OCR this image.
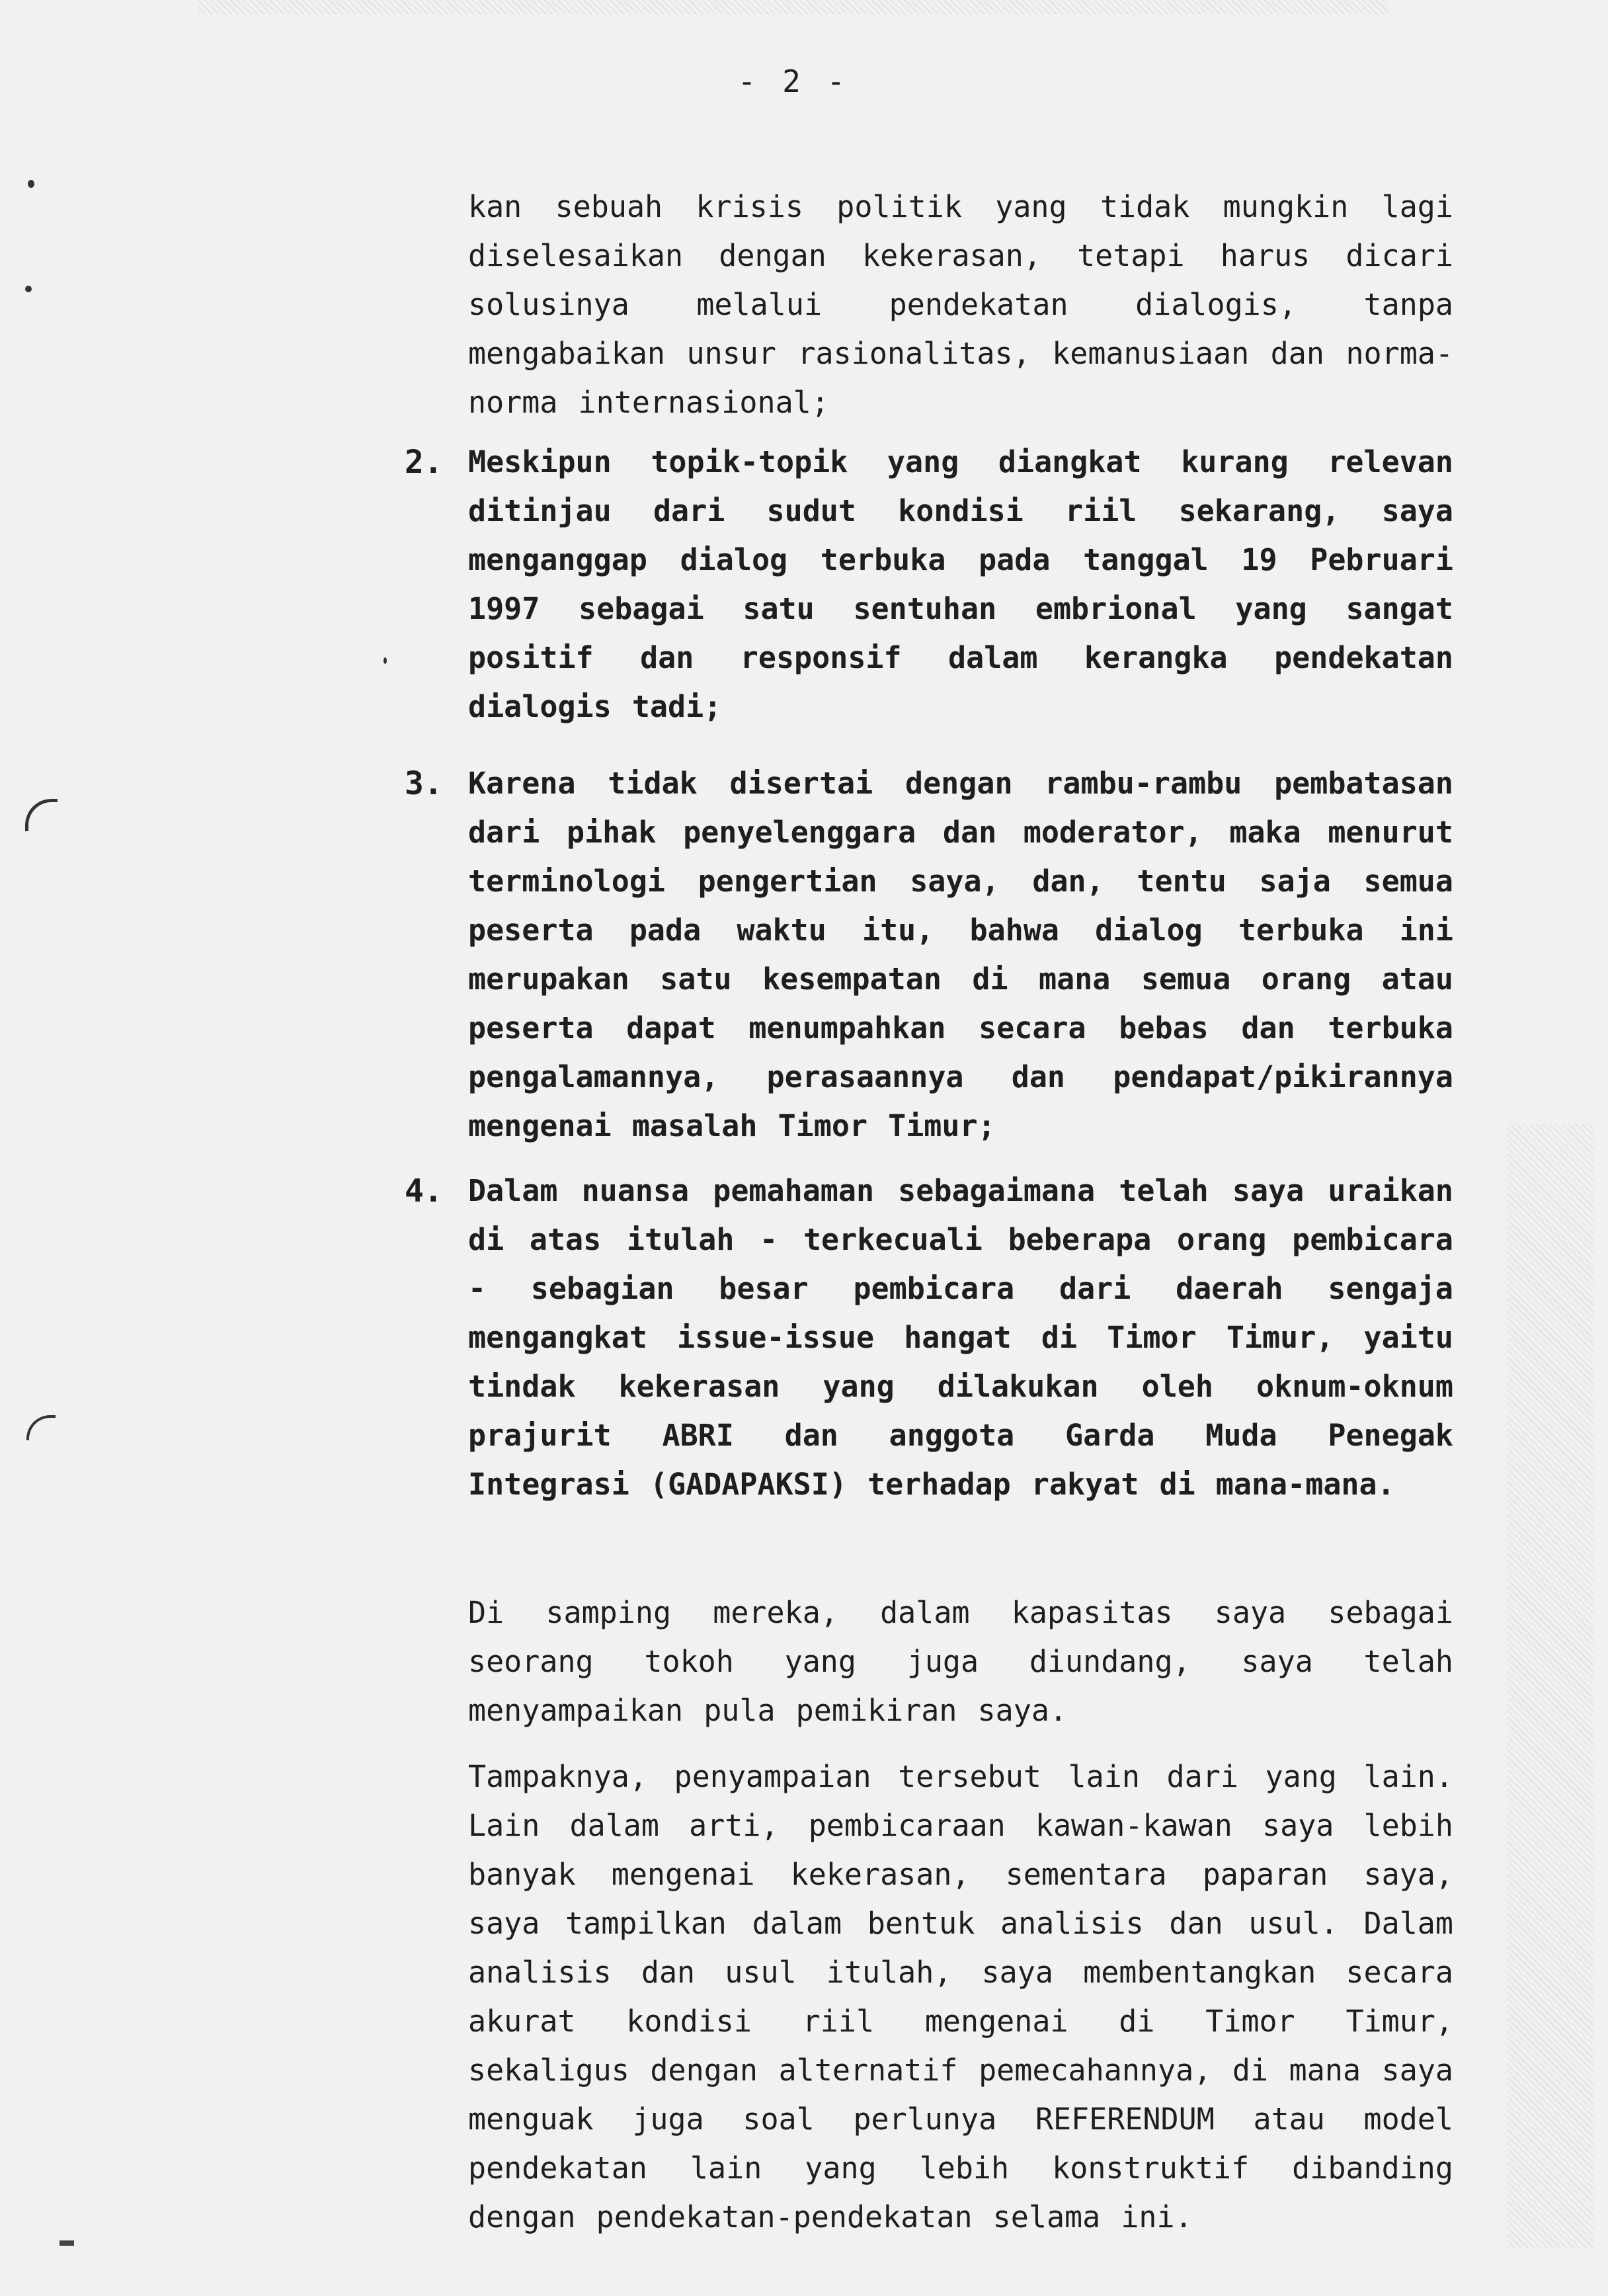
- 2 -
kan sebuah krisis politik yang tidak mungkin lagi diselesaikan dengan kekerasan, tetapi harus dicari solusinya melalui pendekatan dialogis, tanpa mengabaikan unsur rasionalitas, kemanusiaan dan norma-norma internasional;
2. Meskipun topik-topik yang diangkat kurang relevan ditinjau dari sudut kondisi riil sekarang, saya menganggap dialog terbuka pada tanggal 19 Pebruari 1997 sebagai satu sentuhan embrional yang sangat positif dan responsif dalam kerangka pendekatan dialogis tadi;
3. Karena tidak disertai dengan rambu-rambu pembatasan dari pihak penyelenggara dan moderator, maka menurut terminologi pengertian saya, dan, tentu saja semua peserta pada waktu itu, bahwa dialog terbuka ini merupakan satu kesempatan di mana semua orang atau peserta dapat menumpahkan secara bebas dan terbuka pengalamannya, perasaannya dan pendapat/pikirannya mengenai masalah Timor Timur;
4. Dalam nuansa pemahaman sebagaimana telah saya uraikan di atas itulah - terkecuali beberapa orang pembicara - sebagian besar pembicara dari daerah sengaja mengangkat issue-issue hangat di Timor Timur, yaitu tindak kekerasan yang dilakukan oleh oknum-oknum prajurit ABRI dan anggota Garda Muda Penegak Integrasi (GADAPAKSI) terhadap rakyat di mana-mana.
Di samping mereka, dalam kapasitas saya sebagai seorang tokoh yang juga diundang, saya telah menyampaikan pula pemikiran saya.
Tampaknya, penyampaian tersebut lain dari yang lain. Lain dalam arti, pembicaraan kawan-kawan saya lebih banyak mengenai kekerasan, sementara paparan saya, saya tampilkan dalam bentuk analisis dan usul. Dalam analisis dan usul itulah, saya membentangkan secara akurat kondisi riil mengenai di Timor Timur, sekaligus dengan alternatif pemecahannya, di mana saya menguak juga soal perlunya REFERENDUM atau model pendekatan lain yang lebih konstruktif dibanding dengan pendekatan-pendekatan selama ini.
